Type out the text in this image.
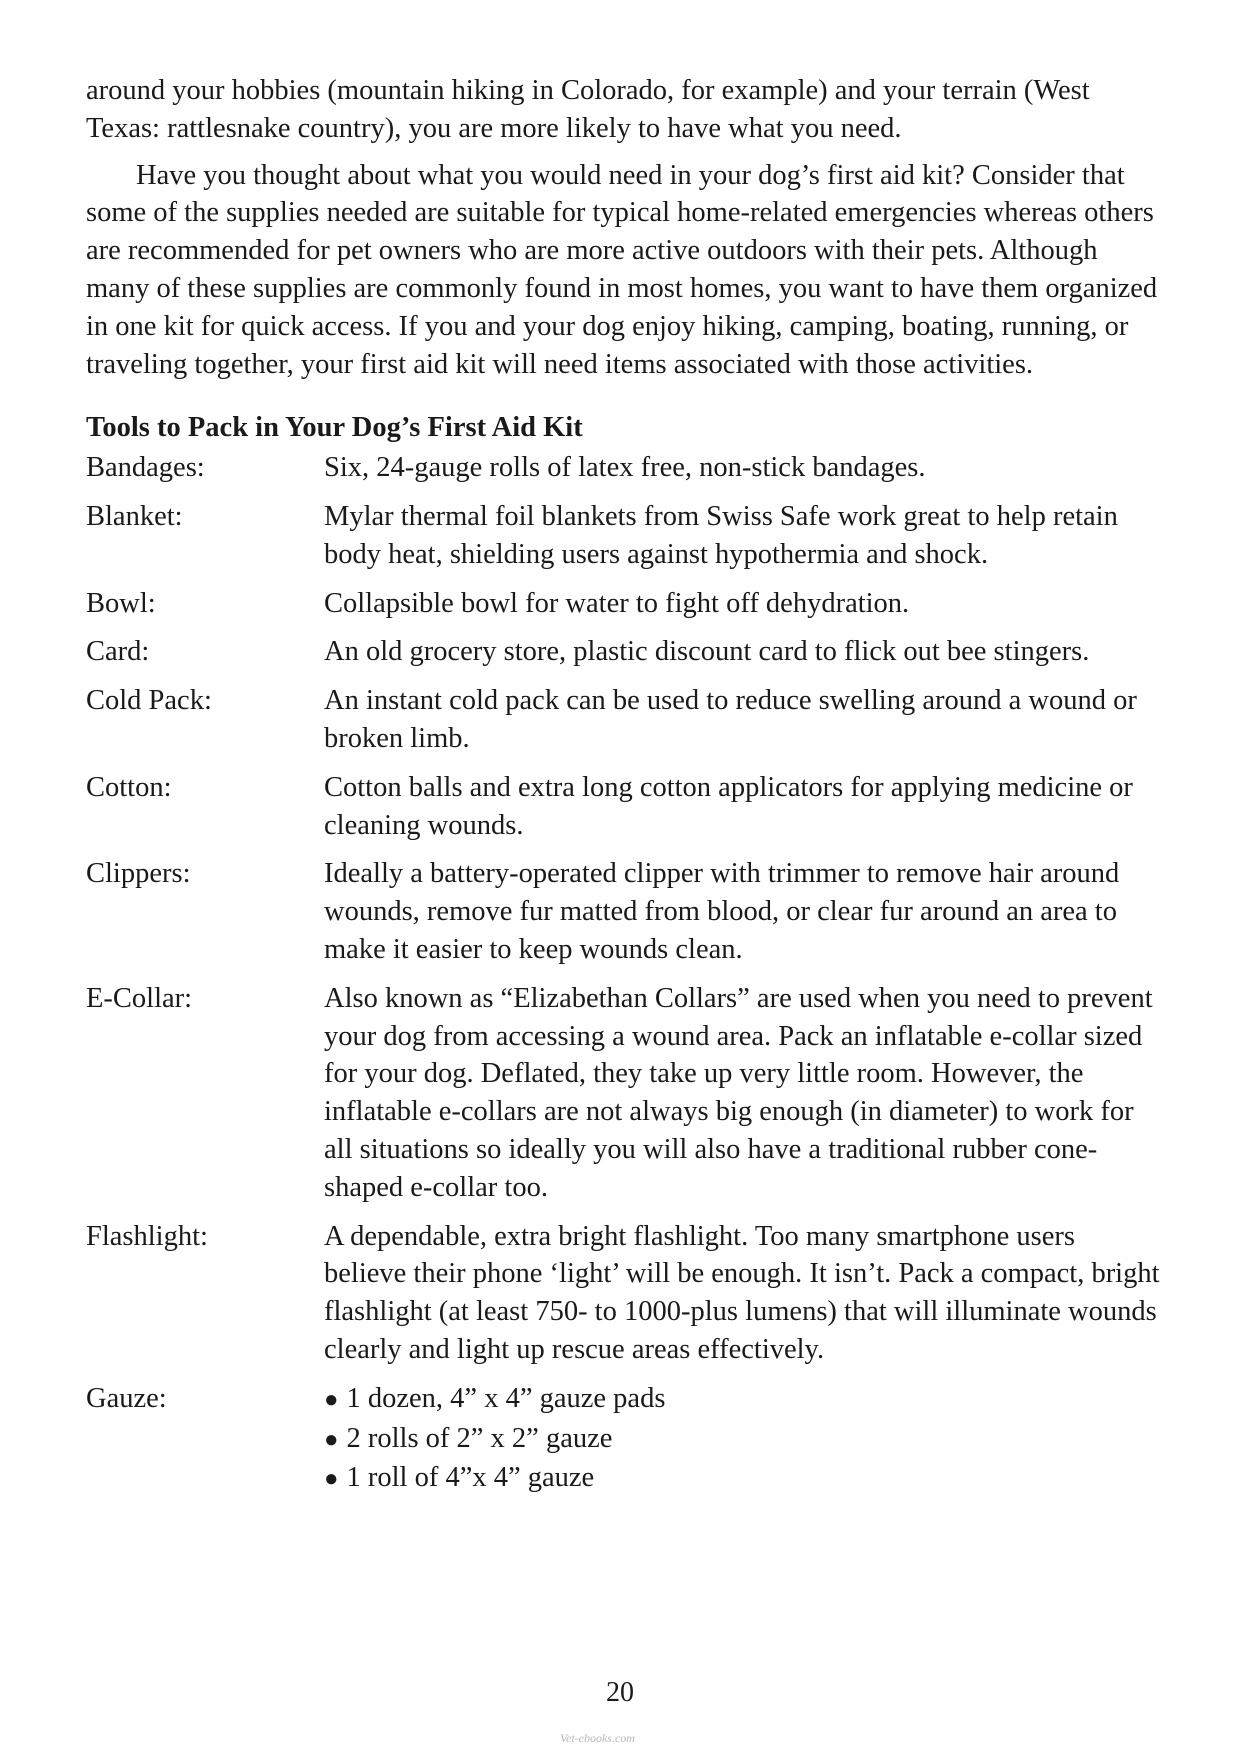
around your hobbies (mountain hiking in Colorado, for example) and your terrain (West Texas: rattlesnake country), you are more likely to have what you need.

Have you thought about what you would need in your dog’s first aid kit? Consider that some of the supplies needed are suitable for typical home-related emergencies whereas others are recommended for pet owners who are more active outdoors with their pets. Although many of these supplies are commonly found in most homes, you want to have them organized in one kit for quick access. If you and your dog enjoy hiking, camping, boating, running, or traveling together, your first aid kit will need items associated with those activities.

Tools to Pack in Your Dog’s First Aid Kit

Bandages:	Six, 24-gauge rolls of latex free, non-stick bandages.
Blanket:	Mylar thermal foil blankets from Swiss Safe work great to help retain body heat, shielding users against hypothermia and shock.
Bowl:	Collapsible bowl for water to fight off dehydration.
Card:	An old grocery store, plastic discount card to flick out bee stingers.
Cold Pack:	An instant cold pack can be used to reduce swelling around a wound or broken limb.
Cotton:	Cotton balls and extra long cotton applicators for applying medicine or cleaning wounds.
Clippers:	Ideally a battery-operated clipper with trimmer to remove hair around wounds, remove fur matted from blood, or clear fur around an area to make it easier to keep wounds clean.
E-Collar:	Also known as “Elizabethan Collars” are used when you need to prevent your dog from accessing a wound area. Pack an inflatable e-collar sized for your dog. Deflated, they take up very little room. However, the inflatable e-collars are not always big enough (in diameter) to work for all situations so ideally you will also have a traditional rubber cone-shaped e-collar too.
Flashlight:	A dependable, extra bright flashlight. Too many smartphone users believe their phone ‘light’ will be enough. It isn’t. Pack a compact, bright flashlight (at least 750- to 1000-plus lumens) that will illuminate wounds clearly and light up rescue areas effectively.
Gauze:	● 1 dozen, 4” x 4” gauze pads
● 2 rolls of 2” x 2” gauze
● 1 roll of 4”x 4” gauze
20
Vet-ebooks.com
